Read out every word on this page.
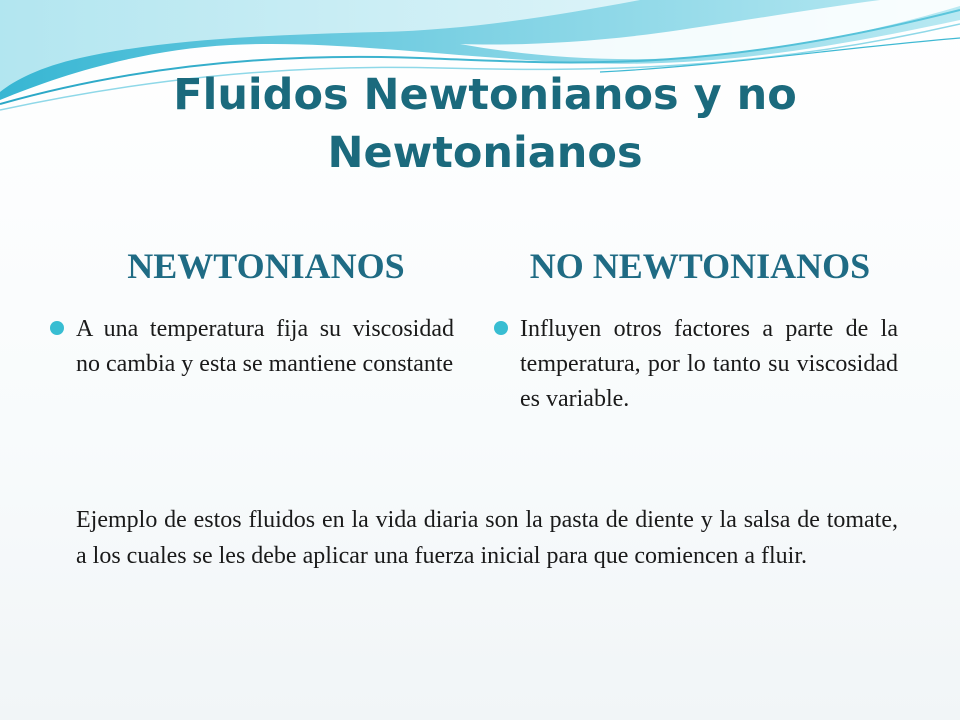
Fluidos Newtonianos y no Newtonianos
NEWTONIANOS	NO NEWTONIANOS

A una temperatura fija su viscosidad no cambia y esta se mantiene constante

Influyen otros factores a parte de la temperatura, por lo tanto su viscosidad es variable.

Ejemplo de estos fluidos en la vida diaria son la pasta de diente y la salsa de tomate, a los cuales se les debe aplicar una fuerza inicial para que comiencen a fluir.
